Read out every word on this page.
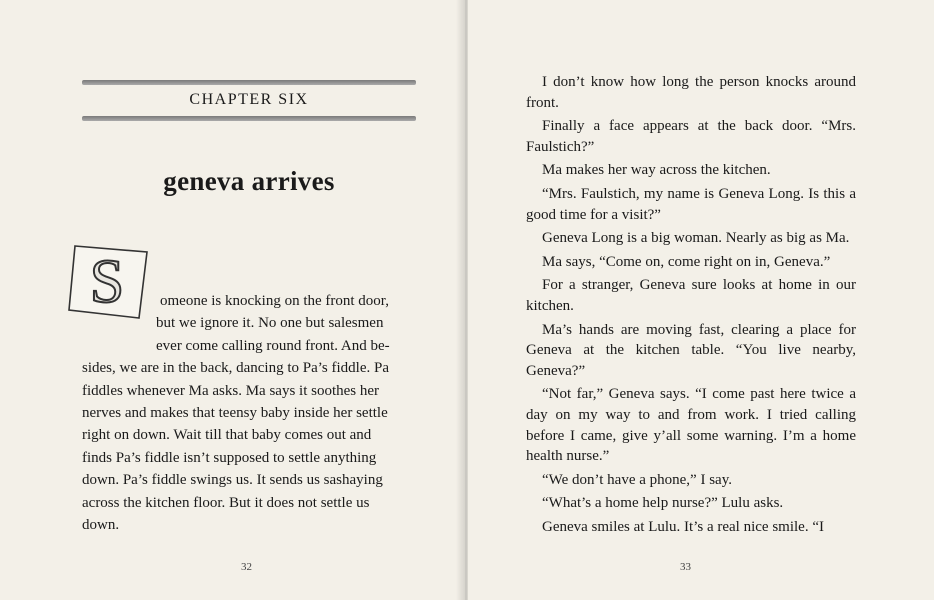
CHAPTER SIX
geneva arrives
S	omeone is knocking on the front door,
but we ignore it. No one but salesmen
ever come calling round front. And be-
sides, we are in the back, dancing to Pa’s fiddle. Pa
fiddles whenever Ma asks. Ma says it soothes her
nerves and makes that teensy baby inside her settle
right on down. Wait till that baby comes out and
finds Pa’s fiddle isn’t supposed to settle anything
down. Pa’s fiddle swings us. It sends us sashaying
across the kitchen floor. But it does not settle us
down.
32

I don’t know how long the person knocks around front.

Finally a face appears at the back door. “Mrs. Faulstich?”

Ma makes her way across the kitchen.

“Mrs. Faulstich, my name is Geneva Long. Is this a good time for a visit?”

Geneva Long is a big woman. Nearly as big as Ma.

Ma says, “Come on, come right on in, Geneva.”

For a stranger, Geneva sure looks at home in our kitchen.

Ma’s hands are moving fast, clearing a place for Geneva at the kitchen table. “You live nearby, Geneva?”

“Not far,” Geneva says. “I come past here twice a day on my way to and from work. I tried calling before I came, give y’all some warning. I’m a home health nurse.”

“We don’t have a phone,” I say.

“What’s a home help nurse?” Lulu asks.

Geneva smiles at Lulu. It’s a real nice smile. “I

33
